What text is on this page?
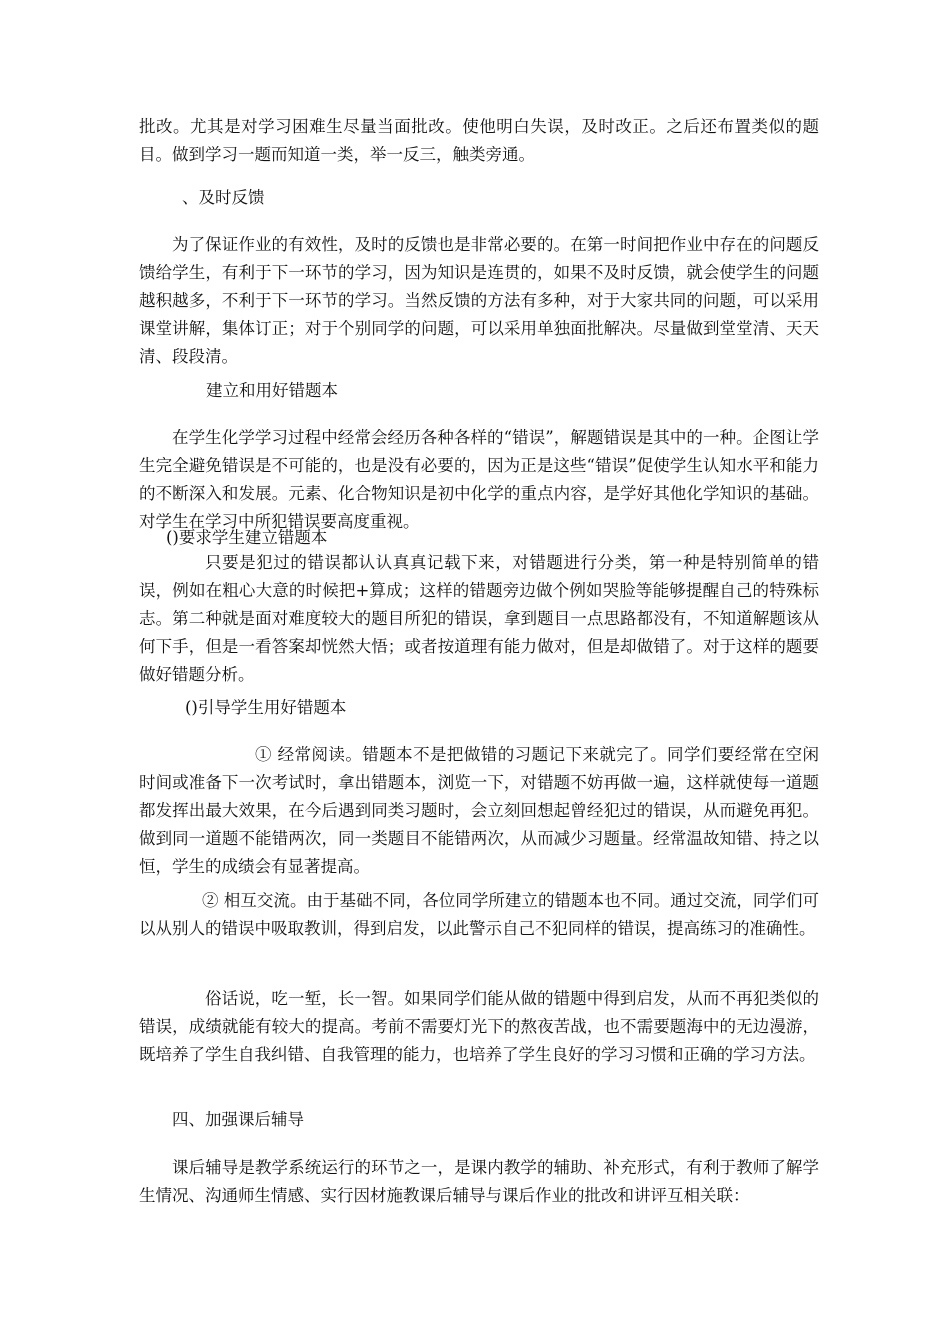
批改。尤其是对学习困难生尽量当面批改。使他明白失误，及时改正。之后还布置类似的题目。做到学习一题而知道一类，举一反三，触类旁通。

、及时反馈

为了保证作业的有效性，及时的反馈也是非常必要的。在第一时间把作业中存在的问题反馈给学生，有利于下一环节的学习，因为知识是连贯的，如果不及时反馈，就会使学生的问题越积越多，不利于下一环节的学习。当然反馈的方法有多种，对于大家共同的问题，可以采用课堂讲解，集体订正；对于个别同学的问题，可以采用单独面批解决。尽量做到堂堂清、天天清、段段清。

建立和用好错题本

在学生化学学习过程中经常会经历各种各样的“错误”，解题错误是其中的一种。企图让学生完全避免错误是不可能的，也是没有必要的，因为正是这些“错误”促使学生认知水平和能力的不断深入和发展。元素、化合物知识是初中化学的重点内容，是学好其他化学知识的基础。对学生在学习中所犯错误要高度重视。

()要求学生建立错题本

只要是犯过的错误都认认真真记载下来，对错题进行分类，第一种是特别简单的错误，例如在粗心大意的时候把+算成；这样的错题旁边做个例如哭脸等能够提醒自己的特殊标志。第二种就是面对难度较大的题目所犯的错误，拿到题目一点思路都没有，不知道解题该从何下手，但是一看答案却恍然大悟；或者按道理有能力做对，但是却做错了。对于这样的题要做好错题分析。

()引导学生用好错题本

① 经常阅读。错题本不是把做错的习题记下来就完了。同学们要经常在空闲时间或准备下一次考试时，拿出错题本，浏览一下，对错题不妨再做一遍，这样就使每一道题都发挥出最大效果，在今后遇到同类习题时，会立刻回想起曾经犯过的错误，从而避免再犯。做到同一道题不能错两次，同一类题目不能错两次，从而减少习题量。经常温故知错、持之以恒，学生的成绩会有显著提高。

② 相互交流。由于基础不同，各位同学所建立的错题本也不同。通过交流，同学们可以从别人的错误中吸取教训，得到启发，以此警示自己不犯同样的错误，提高练习的准确性。

俗话说，吃一堑，长一智。如果同学们能从做的错题中得到启发，从而不再犯类似的错误，成绩就能有较大的提高。考前不需要灯光下的熬夜苦战，也不需要题海中的无边漫游，既培养了学生自我纠错、自我管理的能力，也培养了学生良好的学习习惯和正确的学习方法。

四、加强课后辅导

课后辅导是教学系统运行的环节之一，是课内教学的辅助、补充形式，有利于教师了解学生情况、沟通师生情感、实行因材施教课后辅导与课后作业的批改和讲评互相关联：
